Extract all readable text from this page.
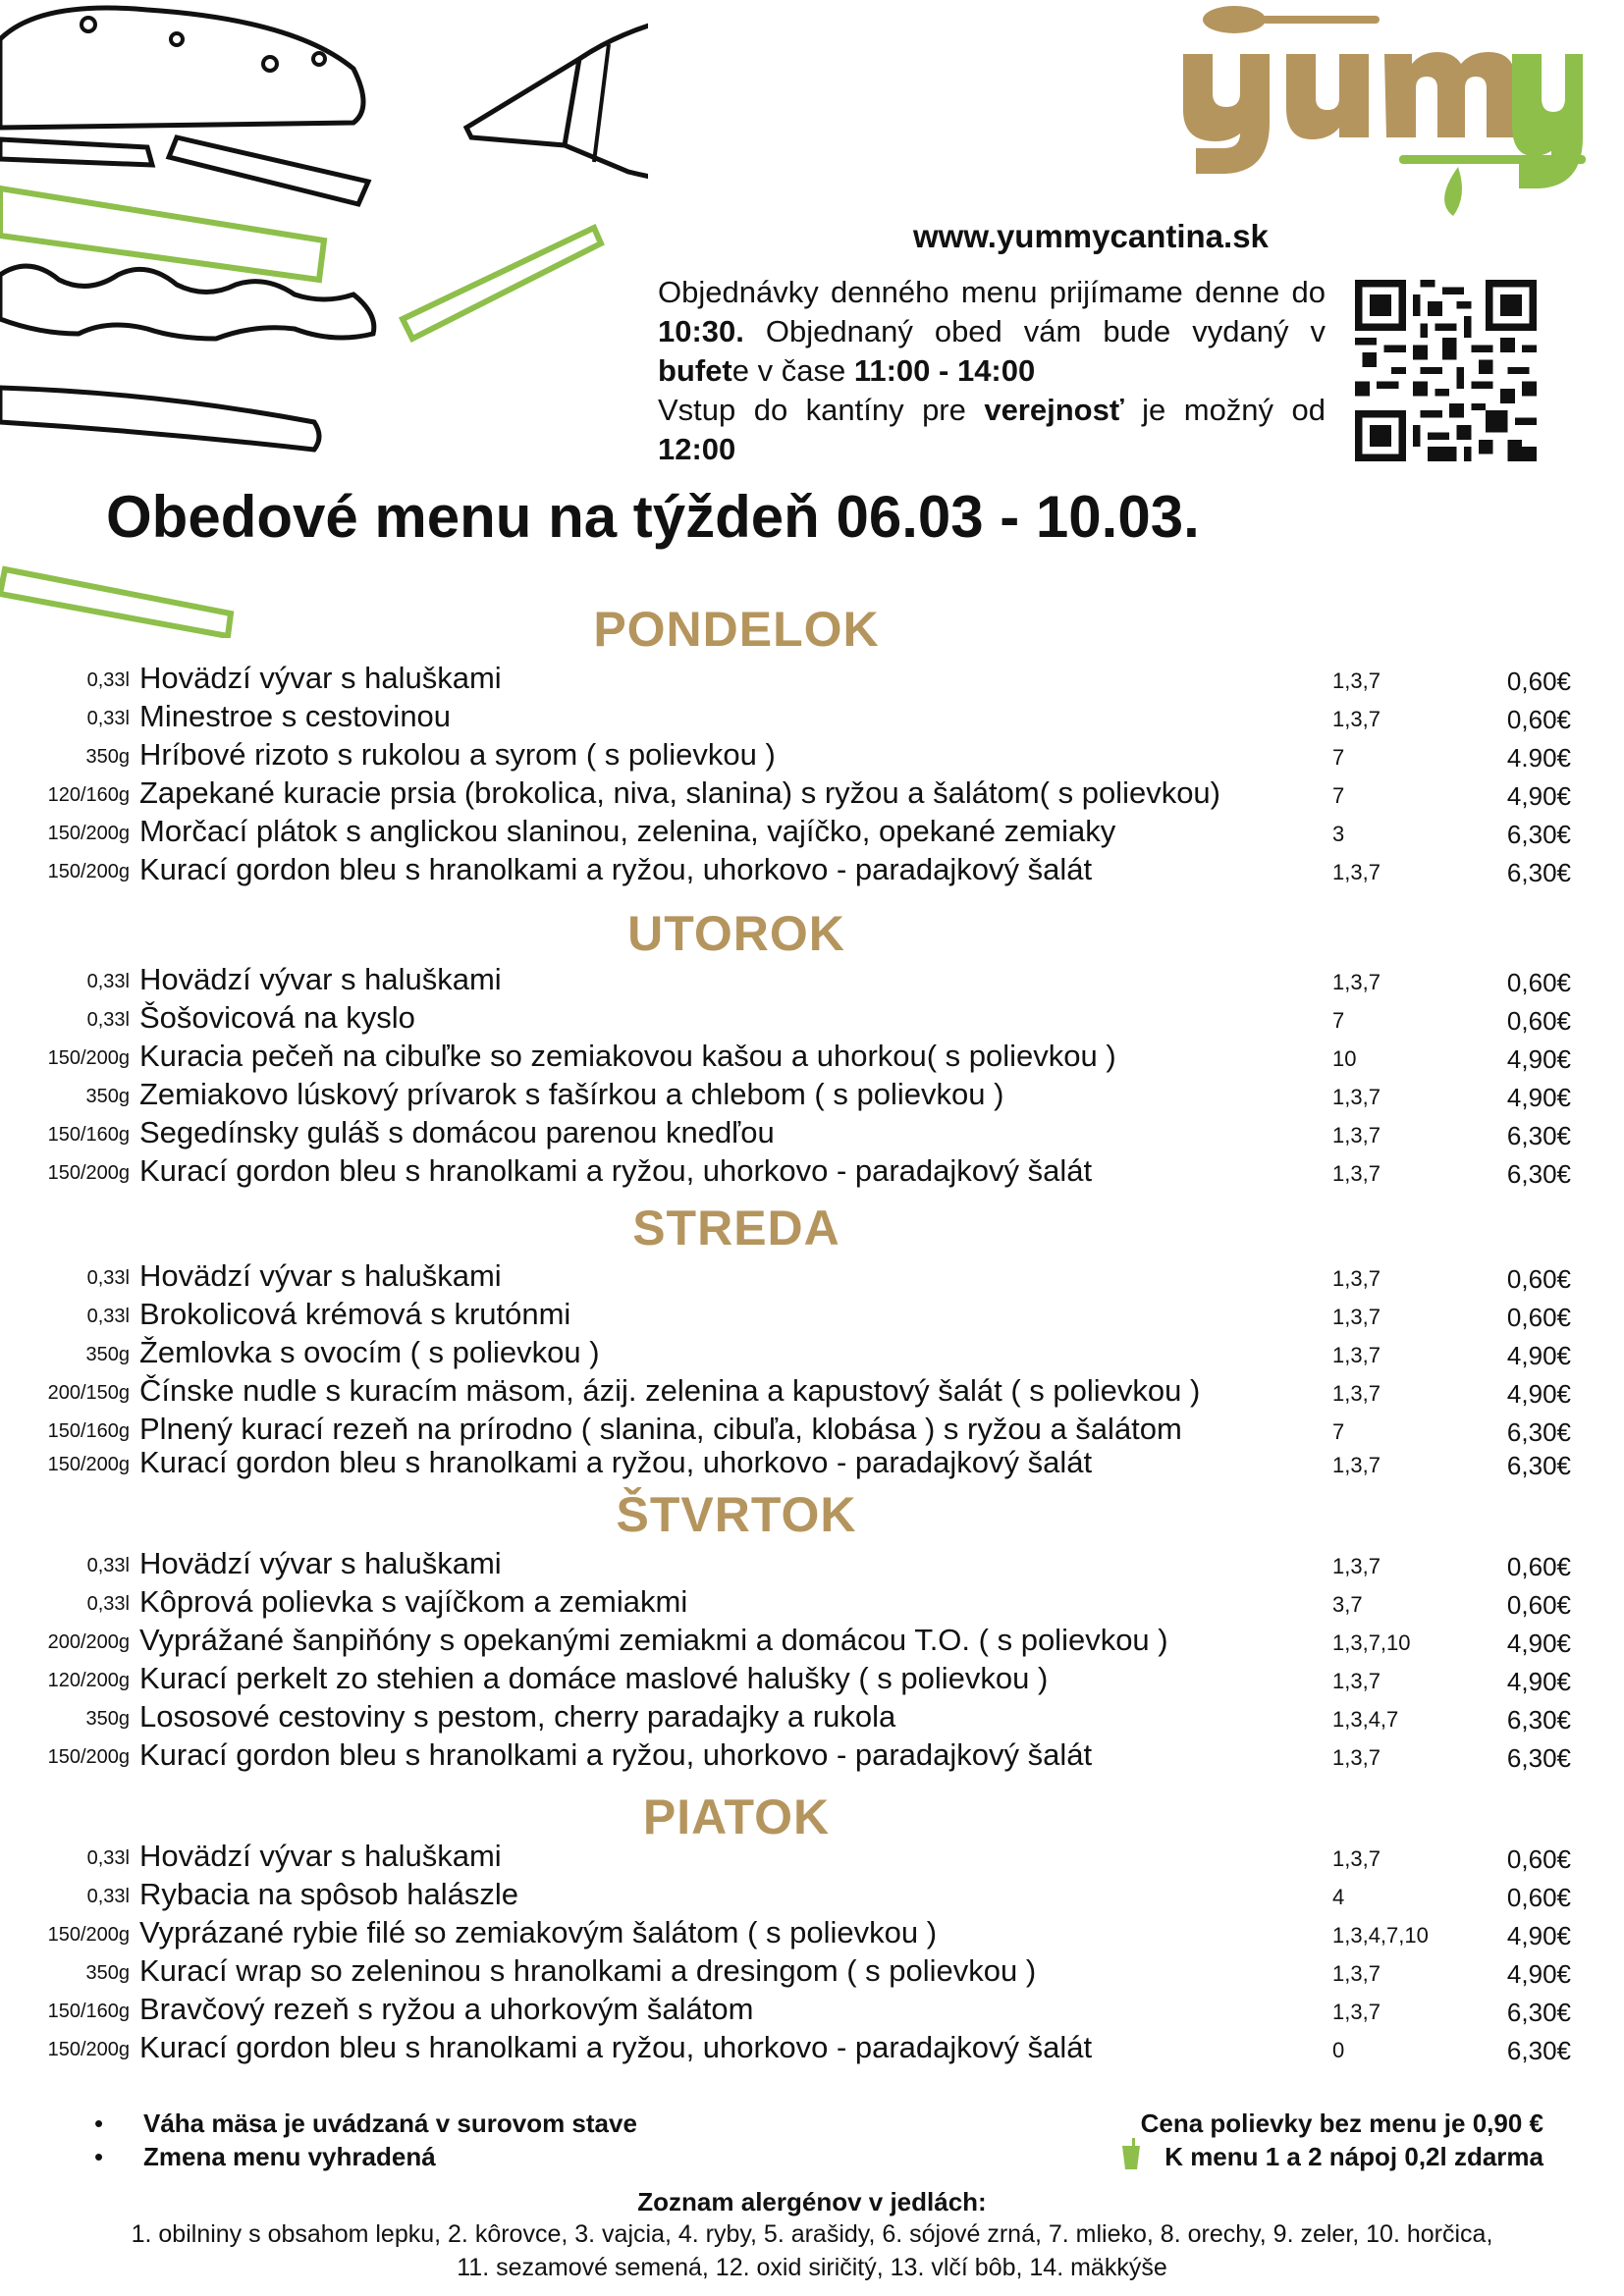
www.yummycantina.sk
Objednávky denného menu prijímame denne do 10:30. Objednaný obed vám bude vydaný v bufete v čase 11:00 - 14:00
Vstup do kantíny pre verejnosť je možný od 12:00
Obedové menu na týždeň 06.03 - 10.03.
PONDELOK
0,33l Hovädzí vývar s haluškami	1,3,7	0,60€
0,33l Minestroe s cestovinou	1,3,7	0,60€
350g Hríbové rizoto s rukolou a syrom ( s polievkou )	7	4.90€
120/160g Zapekané kuracie prsia (brokolica, niva, slanina) s ryžou a šalátom( s polievkou)	7	4,90€
150/200g Morčací plátok s anglickou slaninou, zelenina, vajíčko, opekané zemiaky	3	6,30€
150/200g Kurací gordon bleu s hranolkami a ryžou, uhorkovo - paradajkový šalát	1,3,7	6,30€
UTOROK
0,33l Hovädzí vývar s haluškami	1,3,7	0,60€
0,33l Šošovicová na kyslo	7	0,60€
150/200g Kuracia pečeň na cibuľke so zemiakovou kašou a uhorkou( s polievkou )	10	4,90€
350g Zemiakovo lúskový prívarok s fašírkou a chlebom ( s polievkou )	1,3,7	4,90€
150/160g Segedínsky guláš s domácou parenou knedľou	1,3,7	6,30€
150/200g Kurací gordon bleu s hranolkami a ryžou, uhorkovo - paradajkový šalát	1,3,7	6,30€
STREDA
0,33l Hovädzí vývar s haluškami	1,3,7	0,60€
0,33l Brokolicová krémová s krutónmi	1,3,7	0,60€
350g Žemlovka s ovocím ( s polievkou )	1,3,7	4,90€
200/150g Čínske nudle s kuracím mäsom, ázij. zelenina a kapustový šalát ( s polievkou )	1,3,7	4,90€
150/160g Plnený kurací rezeň na prírodno ( slanina, cibuľa, klobása ) s ryžou a šalátom	7	6,30€
150/200g Kurací gordon bleu s hranolkami a ryžou, uhorkovo - paradajkový šalát	1,3,7	6,30€
ŠTVRTOK
0,33l Hovädzí vývar s haluškami	1,3,7	0,60€
0,33l Kôprová polievka s vajíčkom a zemiakmi	3,7	0,60€
200/200g Vyprážané šanpiňóny s opekanými zemiakmi a domácou T.O. ( s polievkou )	1,3,7,10	4,90€
120/200g Kurací perkelt zo stehien a domáce maslové halušky ( s polievkou )	1,3,7	4,90€
350g Lososové cestoviny s pestom, cherry paradajky a rukola	1,3,4,7	6,30€
150/200g Kurací gordon bleu s hranolkami a ryžou, uhorkovo - paradajkový šalát	1,3,7	6,30€
PIATOK
0,33l Hovädzí vývar s haluškami	1,3,7	0,60€
0,33l Rybacia na spôsob halászle	4	0,60€
150/200g Vyprázané rybie filé so zemiakovým šalátom ( s polievkou )	1,3,4,7,10	4,90€
350g Kurací wrap so zeleninou s hranolkami a dresingom ( s polievkou )	1,3,7	4,90€
150/160g Bravčový rezeň s ryžou a uhorkovým šalátom	1,3,7	6,30€
150/200g Kurací gordon bleu s hranolkami a ryžou, uhorkovo - paradajkový šalát	0	6,30€
• Váha mäsa je uvádzaná v surovom stave
• Zmena menu vyhradená
Cena polievky bez menu je 0,90 €
K menu 1 a 2 nápoj 0,2l zdarma
Zoznam alergénov v jedlách:
1. obilniny s obsahom lepku, 2. kôrovce, 3. vajcia, 4. ryby, 5. arašidy, 6. sójové zrná, 7. mlieko, 8. orechy, 9. zeler, 10. horčica,
11. sezamové semená, 12. oxid siričitý, 13. vlčí bôb, 14. mäkkýše
